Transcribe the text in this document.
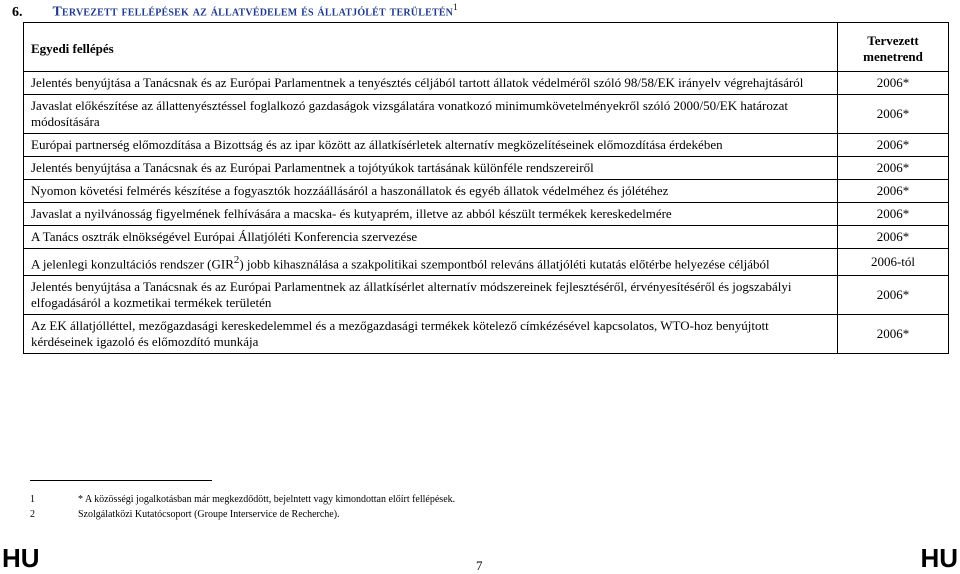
6. Tervezett fellépések az állatvédelem és állatjólét területén$^1$
Egyedi fellépés	Tervezett menetrend
Jelentés benyújtása a Tanácsnak és az Európai Parlamentnek a tenyésztés céljából tartott állatok védelméről szóló 98/58/EK irányelv végrehajtásáról	2006*
Javaslat előkészítése az állattenyésztéssel foglalkozó gazdaságok vizsgálatára vonatkozó minimumkövetelményekről szóló 2000/50/EK határozat módosítására	2006*
Európai partnerség előmozdítása a Bizottság és az ipar között az állatkísérletek alternatív megközelítéseinek előmozdítása érdekében	2006*
Jelentés benyújtása a Tanácsnak és az Európai Parlamentnek a tojótyúkok tartásának különféle rendszereiről	2006*
Nyomon követési felmérés készítése a fogyasztók hozzáállásáról a haszonállatok és egyéb állatok védelméhez és jólétéhez	2006*
Javaslat a nyilvánosság figyelmének felhívására a macska- és kutyaprém, illetve az abból készült termékek kereskedelmére	2006*
A Tanács osztrák elnökségével Európai Állatjóléti Konferencia szervezése	2006*
A jelenlegi konzultációs rendszer (GIR$^2$) jobb kihasználása a szakpolitikai szempontból releváns állatjóléti kutatás előtérbe helyezése céljából	2006-tól
Jelentés benyújtása a Tanácsnak és az Európai Parlamentnek az állatkísérlet alternatív módszereinek fejlesztéséről, érvényesítéséről és jogszabályi elfogadásáról a kozmetikai termékek területén	2006*
Az EK állatjólléttel, mezőgazdasági kereskedelemmel és a mezőgazdasági termékek kötelező címkézésével kapcsolatos, WTO-hoz benyújtott kérdéseinek igazoló és előmozdító munkája	2006*
1	* A közösségi jogalkotásban már megkezdődött, bejelntett vagy kimondottan előírt fellépések.
2	Szolgálatközi Kutatócsoport (Groupe Interservice de Recherche).
HU	7	HU
